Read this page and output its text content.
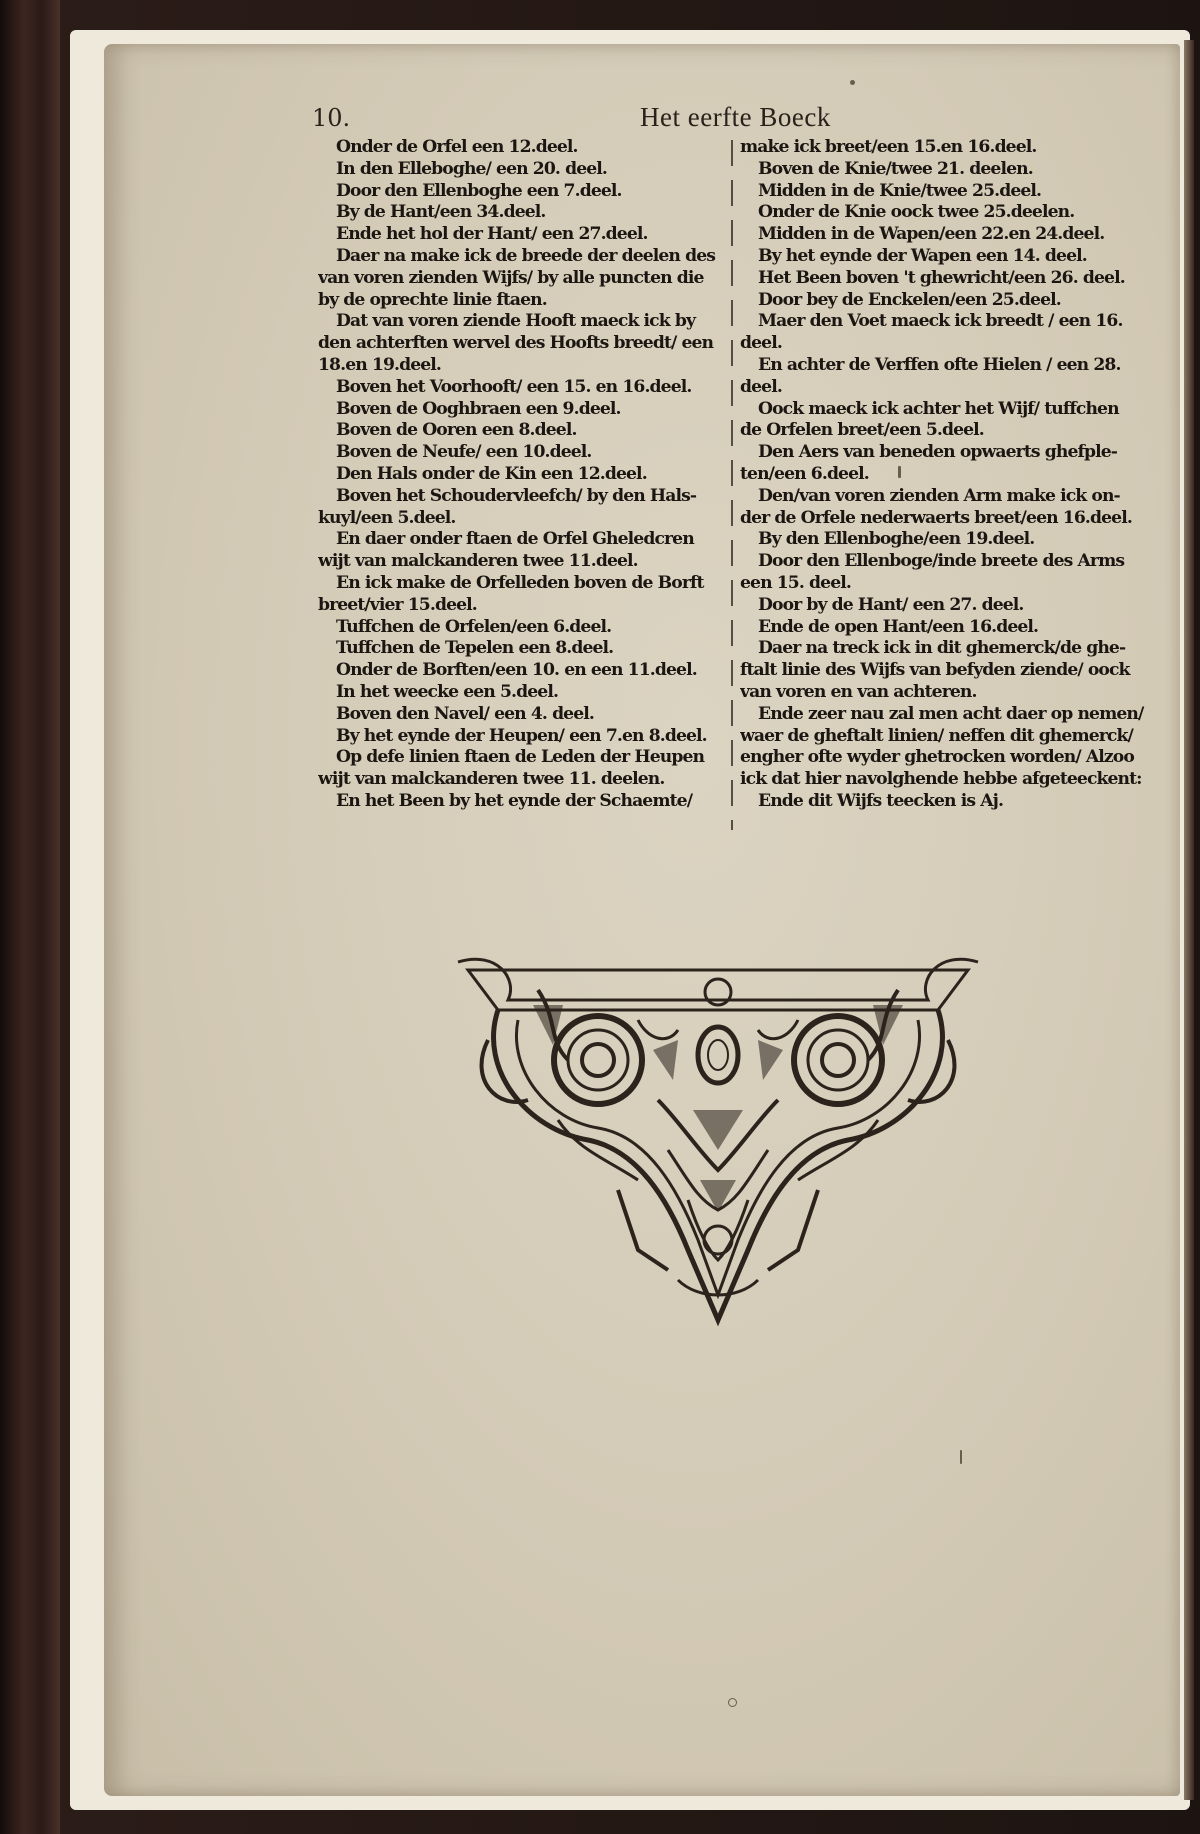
10.	Het eerfte Boeck
Onder de Orfel een 12.deel.
In den Elleboghe/ een 20. deel.
Door den Ellenboghe een 7.deel.
By de Hant/een 34.deel.
Ende het hol der Hant/ een 27.deel.
Daer na make ick de breede der deelen des
van voren zienden Wijfs/ by alle puncten die
by de oprechte linie ftaen.
Dat van voren ziende Hooft maeck ick by
den achterften wervel des Hoofts breedt/ een
18.en 19.deel.
Boven het Voorhooft/ een 15. en 16.deel.
Boven de Ooghbraen een 9.deel.
Boven de Ooren een 8.deel.
Boven de Neufe/ een 10.deel.
Den Hals onder de Kin een 12.deel.
Boven het Schoudervleefch/ by den Hals-
kuyl/een 5.deel.
En daer onder ftaen de Orfel Gheledcren
wijt van malckanderen twee 11.deel.
En ick make de Orfelleden boven de Borft
breet/vier 15.deel.
Tuffchen de Orfelen/een 6.deel.
Tuffchen de Tepelen een 8.deel.
Onder de Borften/een 10. en een 11.deel.
In het weecke een 5.deel.
Boven den Navel/ een 4. deel.
By het eynde der Heupen/ een 7.en 8.deel.
Op defe linien ftaen de Leden der Heupen
wijt van malckanderen twee 11. deelen.
En het Been by het eynde der Schaemte/
make ick breet/een 15.en 16.deel.
Boven de Knie/twee 21. deelen.
Midden in de Knie/twee 25.deel.
Onder de Knie oock twee 25.deelen.
Midden in de Wapen/een 22.en 24.deel.
By het eynde der Wapen een 14. deel.
Het Been boven 't ghewricht/een 26. deel.
Door bey de Enckelen/een 25.deel.
Maer den Voet maeck ick breedt / een 16.
deel.
En achter de Verffen ofte Hielen / een 28.
deel.
Oock maeck ick achter het Wijf/ tuffchen
de Orfelen breet/een 5.deel.
Den Aers van beneden opwaerts ghefple-
ten/een 6.deel.
Den/van voren zienden Arm make ick on-
der de Orfele nederwaerts breet/een 16.deel.
By den Ellenboghe/een 19.deel.
Door den Ellenboge/inde breete des Arms
een 15. deel.
Door by de Hant/ een 27. deel.
Ende de open Hant/een 16.deel.
Daer na treck ick in dit ghemerck/de ghe-
ftalt linie des Wijfs van befyden ziende/ oock
van voren en van achteren.
Ende zeer nau zal men acht daer op nemen/
waer de gheftalt linien/ neffen dit ghemerck/
engher ofte wyder ghetrocken worden/ Alzoo
ick dat hier navolghende hebbe afgeteeckent:
Ende dit Wijfs teecken is Aj.
